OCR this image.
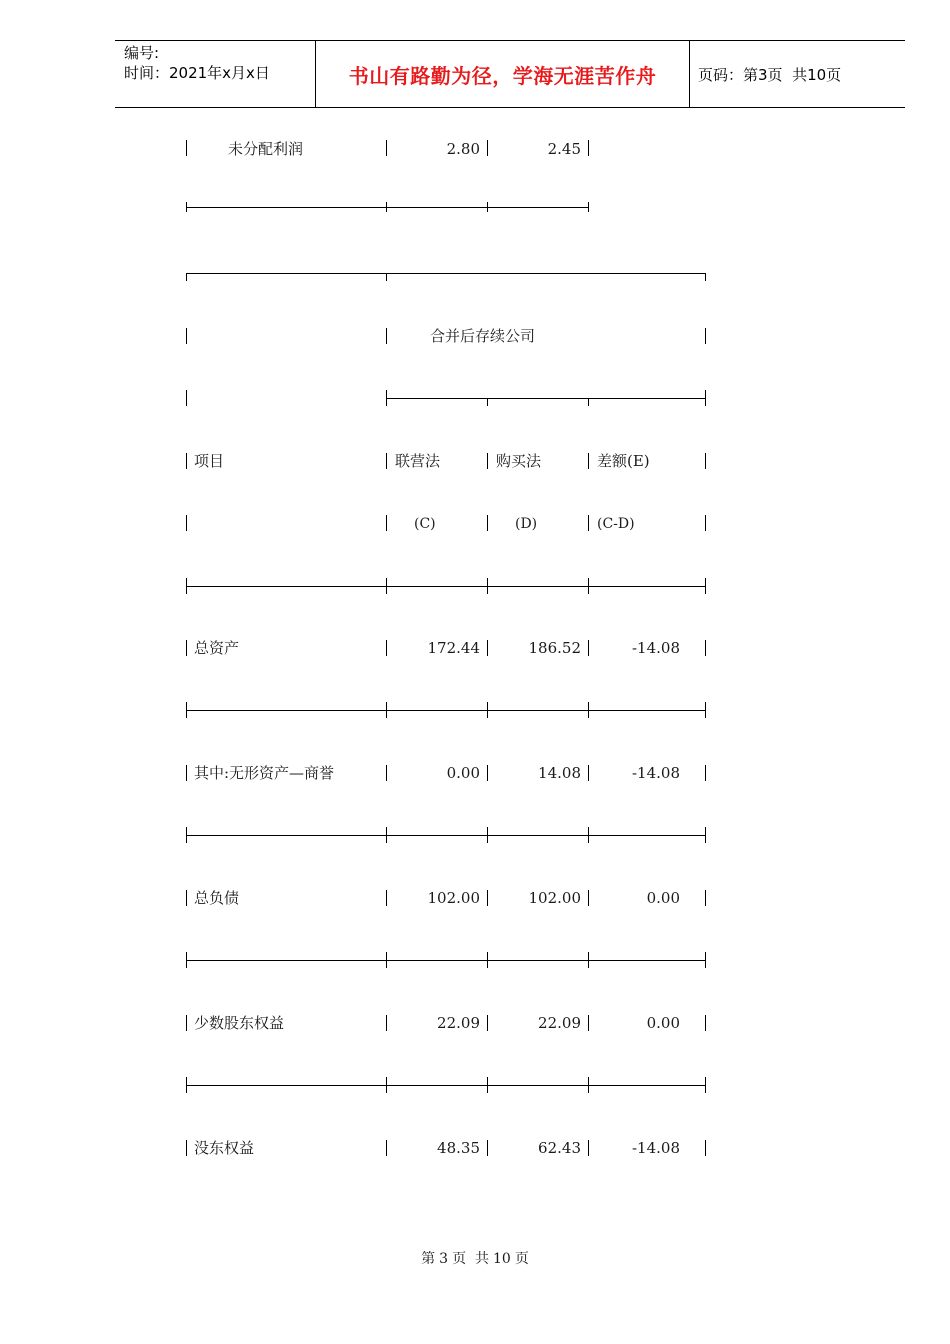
编号:
时间：2021年x月x日	书山有路勤为径，学海无涯苦作舟	页码：第3页  共10页
未分配利润	2.80	2.45
合并后存续公司
项目	联营法	购买法	差额(E)
(C)	(D)	(C-D)
总资产	172.44	186.52	-14.08
其中:无形资产—商誉	0.00	14.08	-14.08
总负债	102.00	102.00	0.00
少数股东权益	22.09	22.09	0.00
没东权益	48.35	62.43	-14.08
第 3 页  共 10 页
